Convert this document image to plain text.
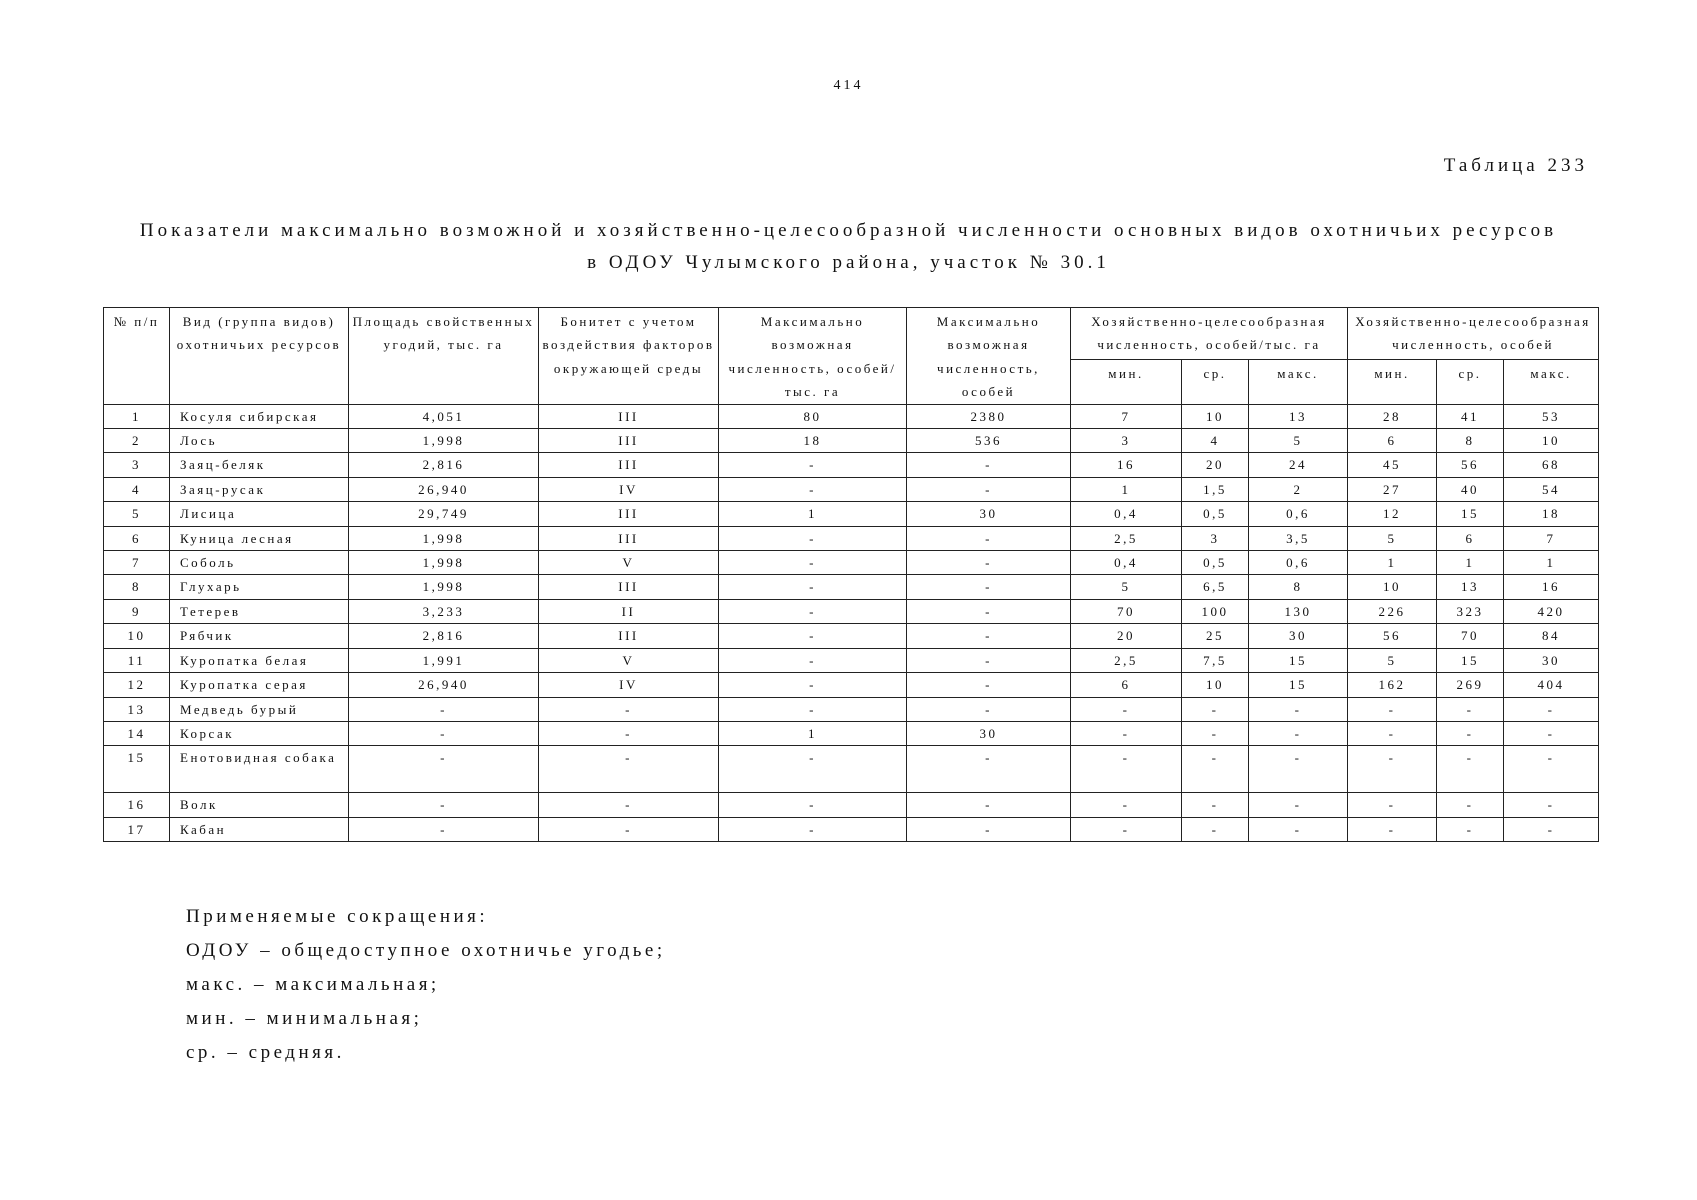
414
Таблица 233
Показатели максимально возможной и хозяйственно-целесообразной численности основных видов охотничьих ресурсов
в ОДОУ Чулымского района, участок № 30.1
№ п/п	Вид (группа видов) охотничьих ресурсов	Площадь свойственных угодий, тыс. га	Бонитет с учетом воздействия факторов окружающей среды	Максимально возможная численность, особей/тыс. га	Максимально возможная численность, особей	Хозяйственно-целесообразная численность, особей/тыс. га			Хозяйственно-целесообразная численность, особей		
						мин.	ср.	макс.	мин.	ср.	макс.
1	Косуля сибирская	4,051	III	80	2380	7	10	13	28	41	53
2	Лось	1,998	III	18	536	3	4	5	6	8	10
3	Заяц-беляк	2,816	III	-	-	16	20	24	45	56	68
4	Заяц-русак	26,940	IV	-	-	1	1,5	2	27	40	54
5	Лисица	29,749	III	1	30	0,4	0,5	0,6	12	15	18
6	Куница лесная	1,998	III	-	-	2,5	3	3,5	5	6	7
7	Соболь	1,998	V	-	-	0,4	0,5	0,6	1	1	1
8	Глухарь	1,998	III	-	-	5	6,5	8	10	13	16
9	Тетерев	3,233	II	-	-	70	100	130	226	323	420
10	Рябчик	2,816	III	-	-	20	25	30	56	70	84
11	Куропатка белая	1,991	V	-	-	2,5	7,5	15	5	15	30
12	Куропатка серая	26,940	IV	-	-	6	10	15	162	269	404
13	Медведь бурый	-	-	-	-	-	-	-	-	-	-
14	Корсак	-	-	1	30	-	-	-	-	-	-
15	Енотовидная собака	-	-	-	-	-	-	-	-	-	-
16	Волк	-	-	-	-	-	-	-	-	-	-
17	Кабан	-	-	-	-	-	-	-	-	-	-
Применяемые сокращения:
ОДОУ – общедоступное охотничье угодье;
макс. – максимальная;
мин. – минимальная;
ср. – средняя.
